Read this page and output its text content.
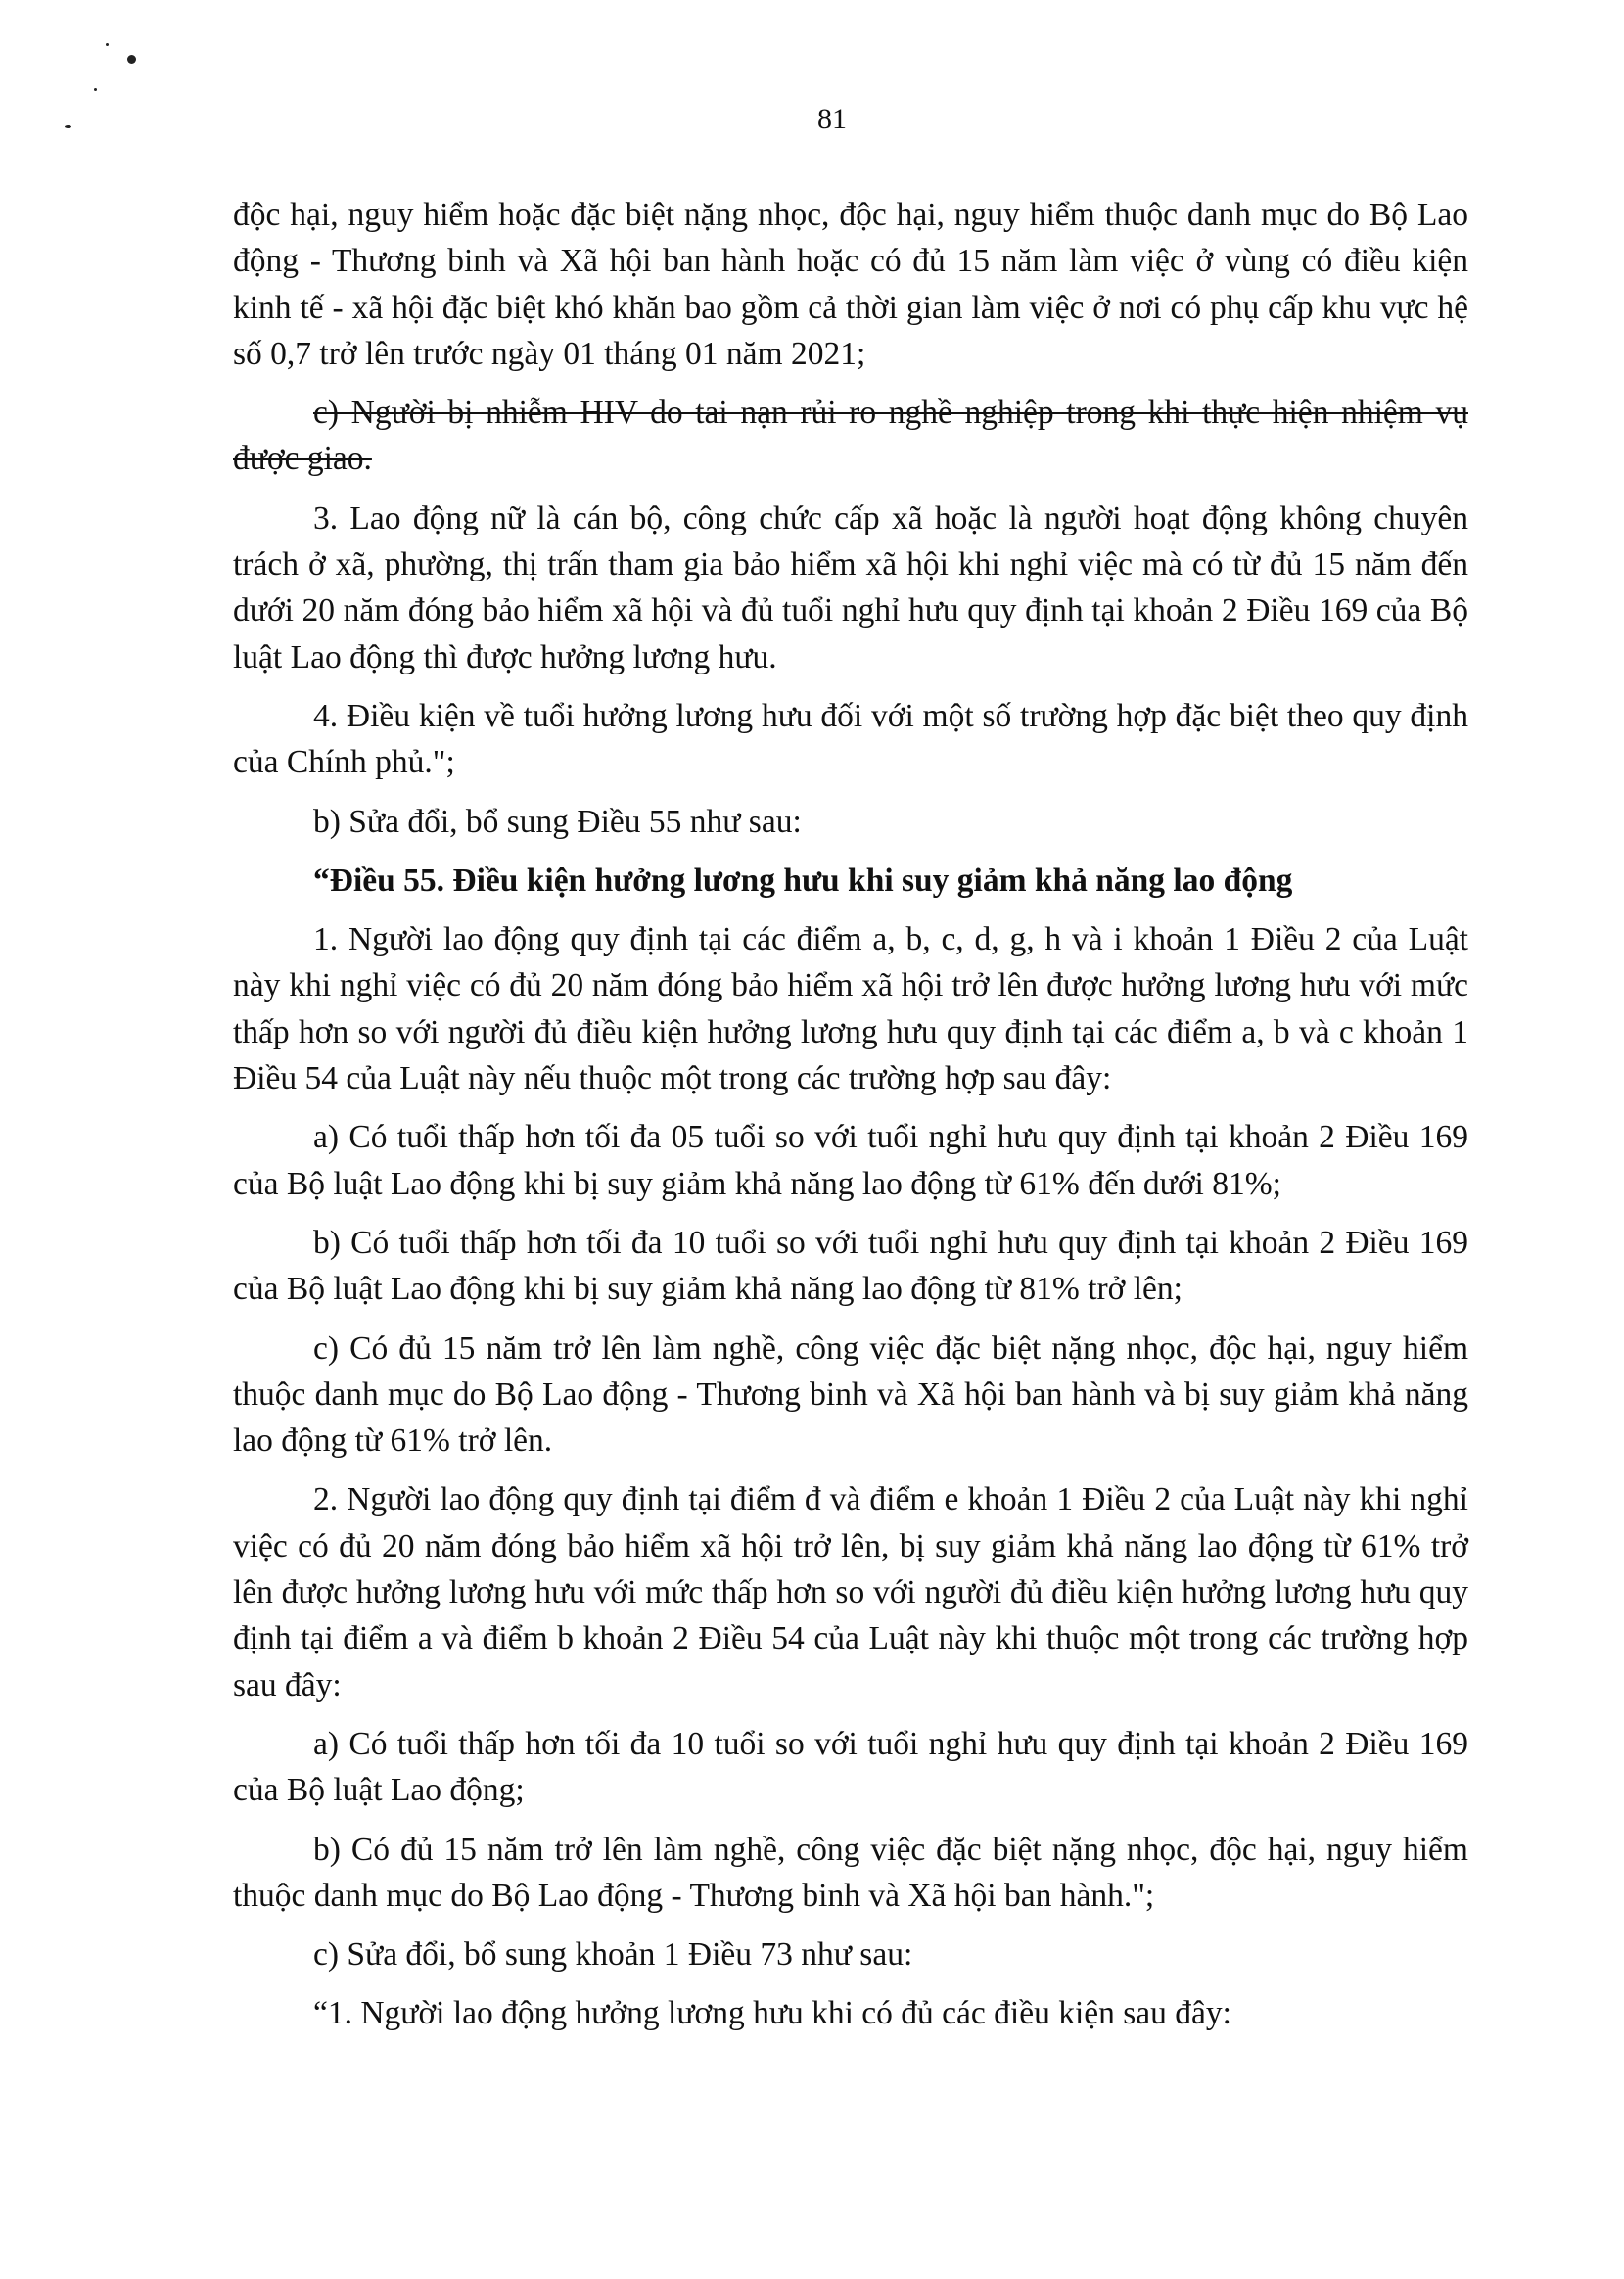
81

độc hại, nguy hiểm hoặc đặc biệt nặng nhọc, độc hại, nguy hiểm thuộc danh mục do Bộ Lao động - Thương binh và Xã hội ban hành hoặc có đủ 15 năm làm việc ở vùng có điều kiện kinh tế - xã hội đặc biệt khó khăn bao gồm cả thời gian làm việc ở nơi có phụ cấp khu vực hệ số 0,7 trở lên trước ngày 01 tháng 01 năm 2021;

c) Người bị nhiễm HIV do tai nạn rủi ro nghề nghiệp trong khi thực hiện nhiệm vụ được giao.

3. Lao động nữ là cán bộ, công chức cấp xã hoặc là người hoạt động không chuyên trách ở xã, phường, thị trấn tham gia bảo hiểm xã hội khi nghỉ việc mà có từ đủ 15 năm đến dưới 20 năm đóng bảo hiểm xã hội và đủ tuổi nghỉ hưu quy định tại khoản 2 Điều 169 của Bộ luật Lao động thì được hưởng lương hưu.

4. Điều kiện về tuổi hưởng lương hưu đối với một số trường hợp đặc biệt theo quy định của Chính phủ.";

b) Sửa đổi, bổ sung Điều 55 như sau:

“Điều 55. Điều kiện hưởng lương hưu khi suy giảm khả năng lao động

1. Người lao động quy định tại các điểm a, b, c, d, g, h và i khoản 1 Điều 2 của Luật này khi nghỉ việc có đủ 20 năm đóng bảo hiểm xã hội trở lên được hưởng lương hưu với mức thấp hơn so với người đủ điều kiện hưởng lương hưu quy định tại các điểm a, b và c khoản 1 Điều 54 của Luật này nếu thuộc một trong các trường hợp sau đây:

a) Có tuổi thấp hơn tối đa 05 tuổi so với tuổi nghỉ hưu quy định tại khoản 2 Điều 169 của Bộ luật Lao động khi bị suy giảm khả năng lao động từ 61% đến dưới 81%;

b) Có tuổi thấp hơn tối đa 10 tuổi so với tuổi nghỉ hưu quy định tại khoản 2 Điều 169 của Bộ luật Lao động khi bị suy giảm khả năng lao động từ 81% trở lên;

c) Có đủ 15 năm trở lên làm nghề, công việc đặc biệt nặng nhọc, độc hại, nguy hiểm thuộc danh mục do Bộ Lao động - Thương binh và Xã hội ban hành và bị suy giảm khả năng lao động từ 61% trở lên.

2. Người lao động quy định tại điểm đ và điểm e khoản 1 Điều 2 của Luật này khi nghỉ việc có đủ 20 năm đóng bảo hiểm xã hội trở lên, bị suy giảm khả năng lao động từ 61% trở lên được hưởng lương hưu với mức thấp hơn so với người đủ điều kiện hưởng lương hưu quy định tại điểm a và điểm b khoản 2 Điều 54 của Luật này khi thuộc một trong các trường hợp sau đây:

a) Có tuổi thấp hơn tối đa 10 tuổi so với tuổi nghỉ hưu quy định tại khoản 2 Điều 169 của Bộ luật Lao động;

b) Có đủ 15 năm trở lên làm nghề, công việc đặc biệt nặng nhọc, độc hại, nguy hiểm thuộc danh mục do Bộ Lao động - Thương binh và Xã hội ban hành.";

c) Sửa đổi, bổ sung khoản 1 Điều 73 như sau:

“1. Người lao động hưởng lương hưu khi có đủ các điều kiện sau đây:
